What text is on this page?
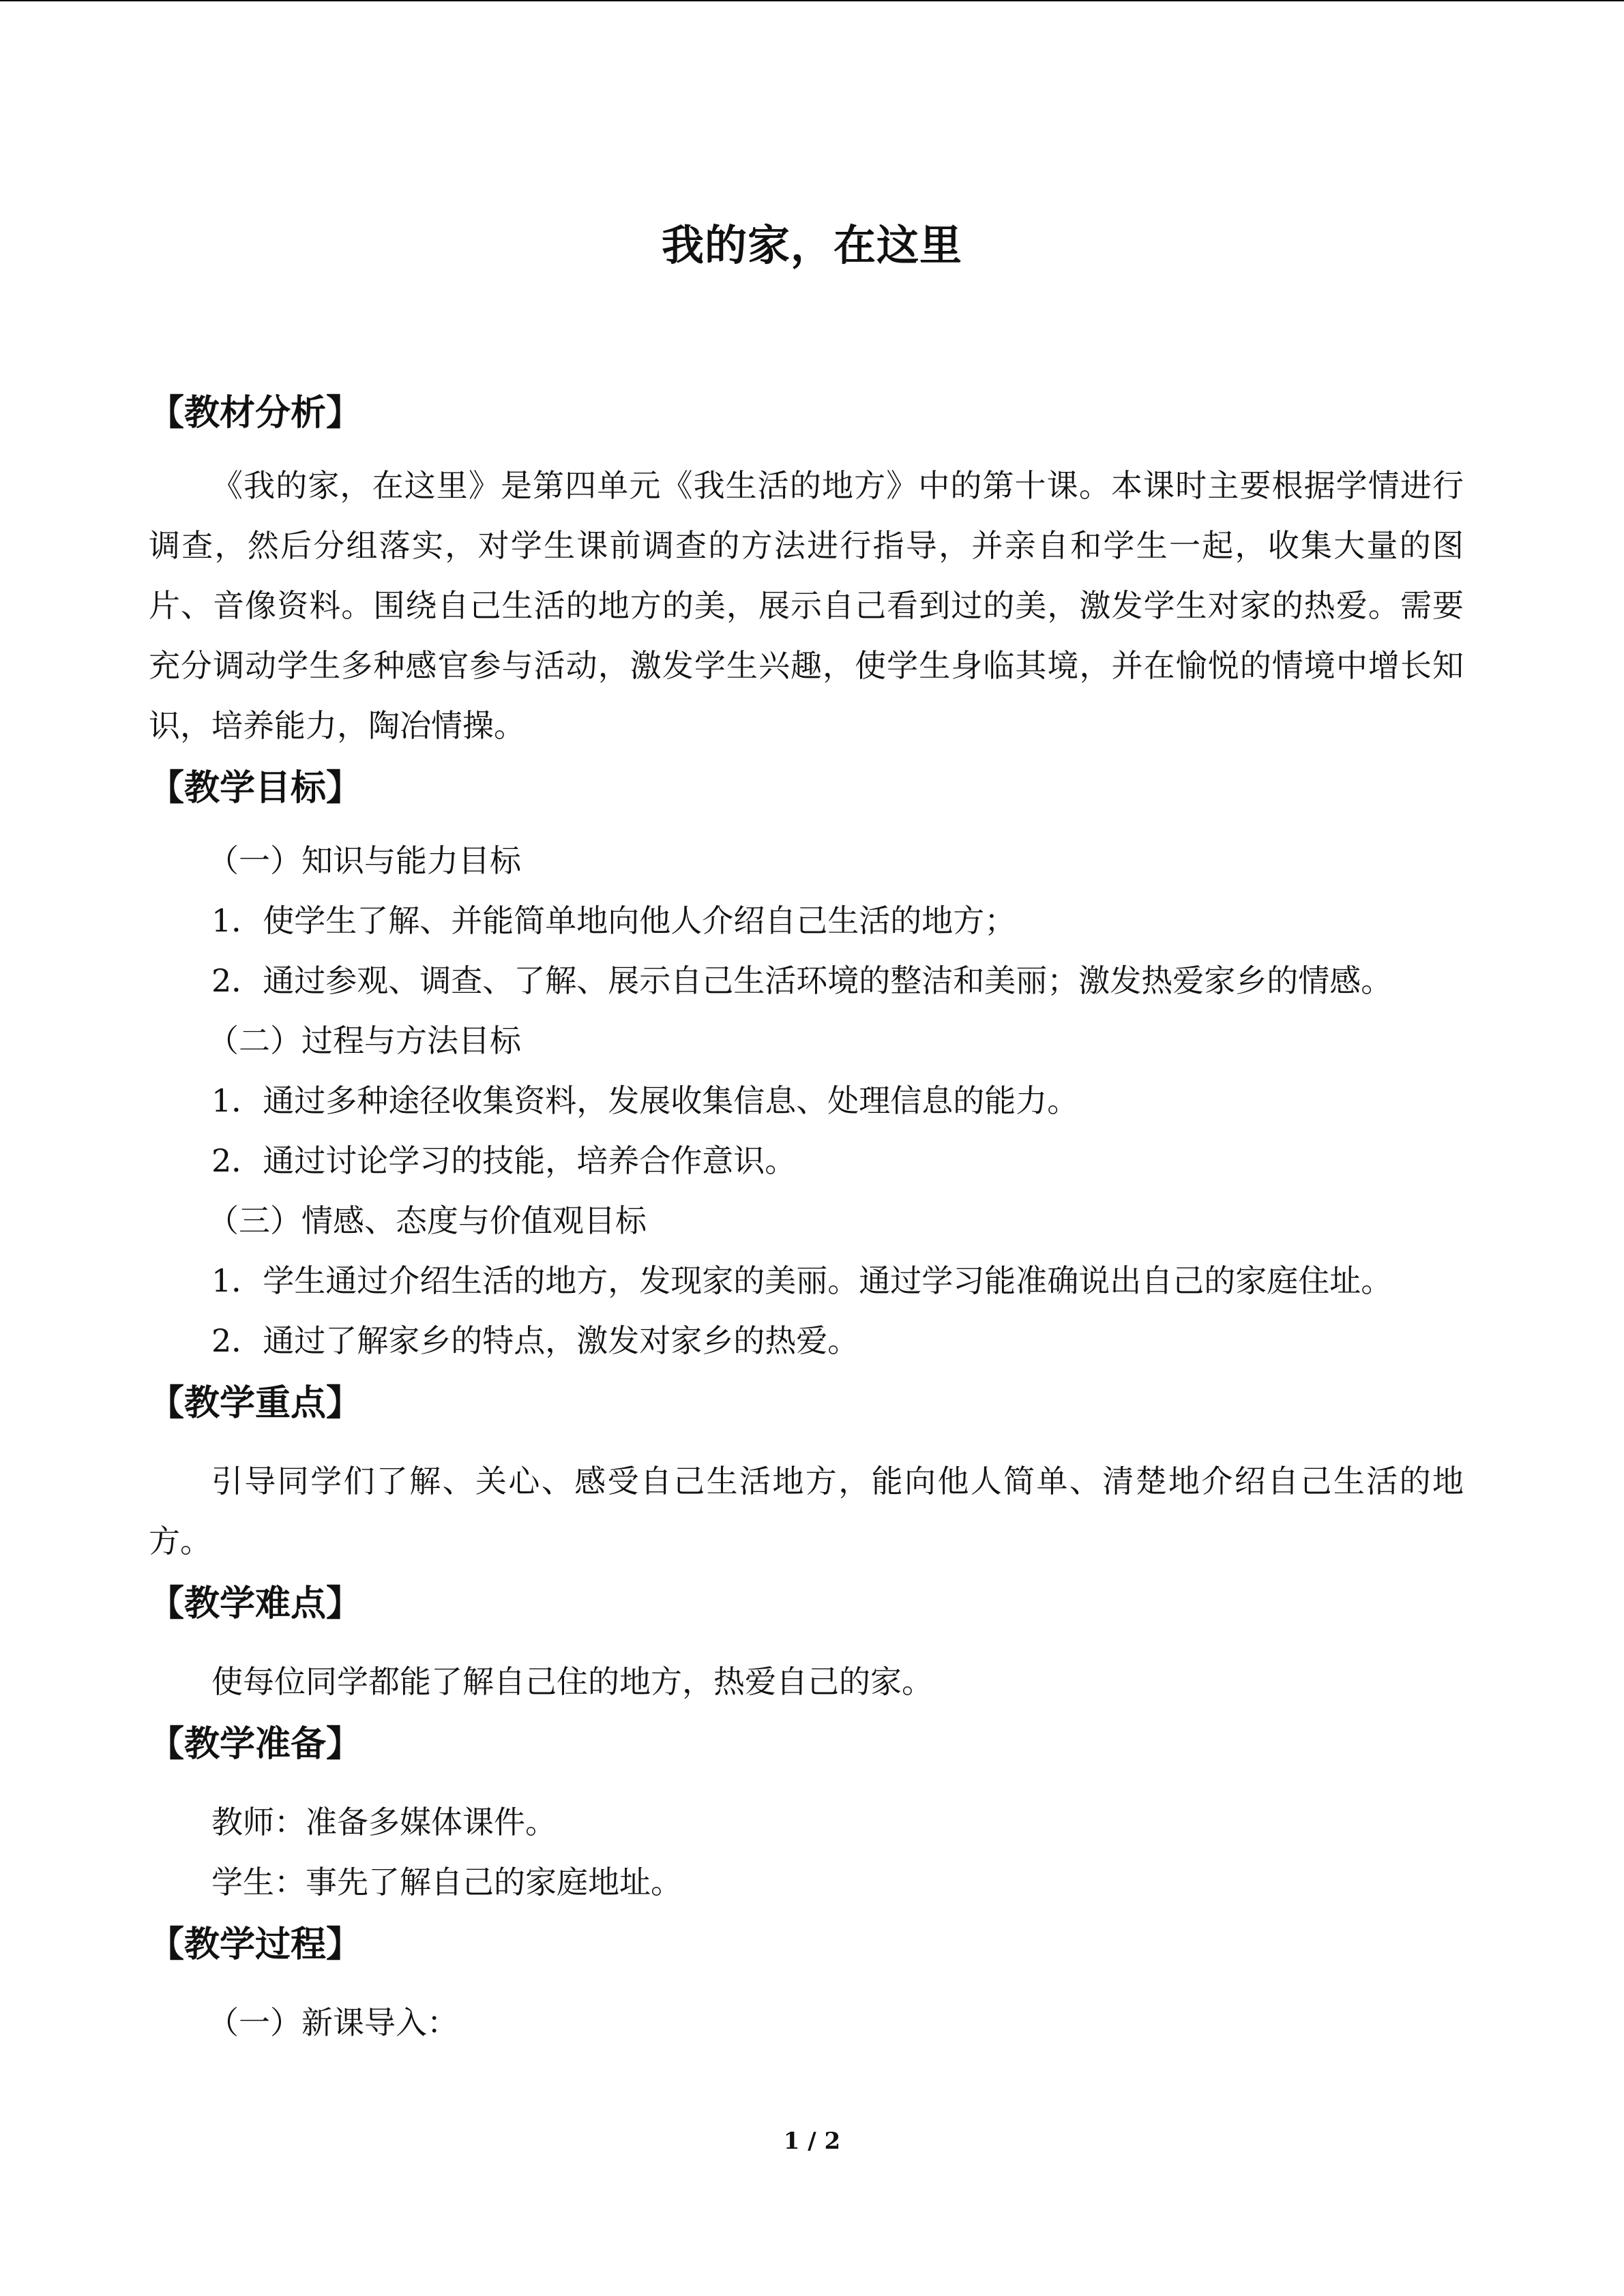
我的家，在这里
【教材分析】

《我的家，在这里》是第四单元《我生活的地方》中的第十课。本课时主要根据学情进行调查，然后分组落实，对学生课前调查的方法进行指导，并亲自和学生一起，收集大量的图片、音像资料。围绕自己生活的地方的美，展示自己看到过的美，激发学生对家的热爱。需要充分调动学生多种感官参与活动，激发学生兴趣，使学生身临其境，并在愉悦的情境中增长知识，培养能力，陶冶情操。

【教学目标】
（一）知识与能力目标
1．使学生了解、并能简单地向他人介绍自己生活的地方；
2．通过参观、调查、了解、展示自己生活环境的整洁和美丽；激发热爱家乡的情感。
（二）过程与方法目标
1．通过多种途径收集资料，发展收集信息、处理信息的能力。
2．通过讨论学习的技能，培养合作意识。
（三）情感、态度与价值观目标
1．学生通过介绍生活的地方，发现家的美丽。通过学习能准确说出自己的家庭住址。
2．通过了解家乡的特点，激发对家乡的热爱。
【教学重点】

引导同学们了解、关心、感受自己生活地方，能向他人简单、清楚地介绍自己生活的地方。

【教学难点】

使每位同学都能了解自己住的地方，热爱自己的家。

【教学准备】
教师：准备多媒体课件。
学生：事先了解自己的家庭地址。
【教学过程】
（一）新课导入：
1 / 2
